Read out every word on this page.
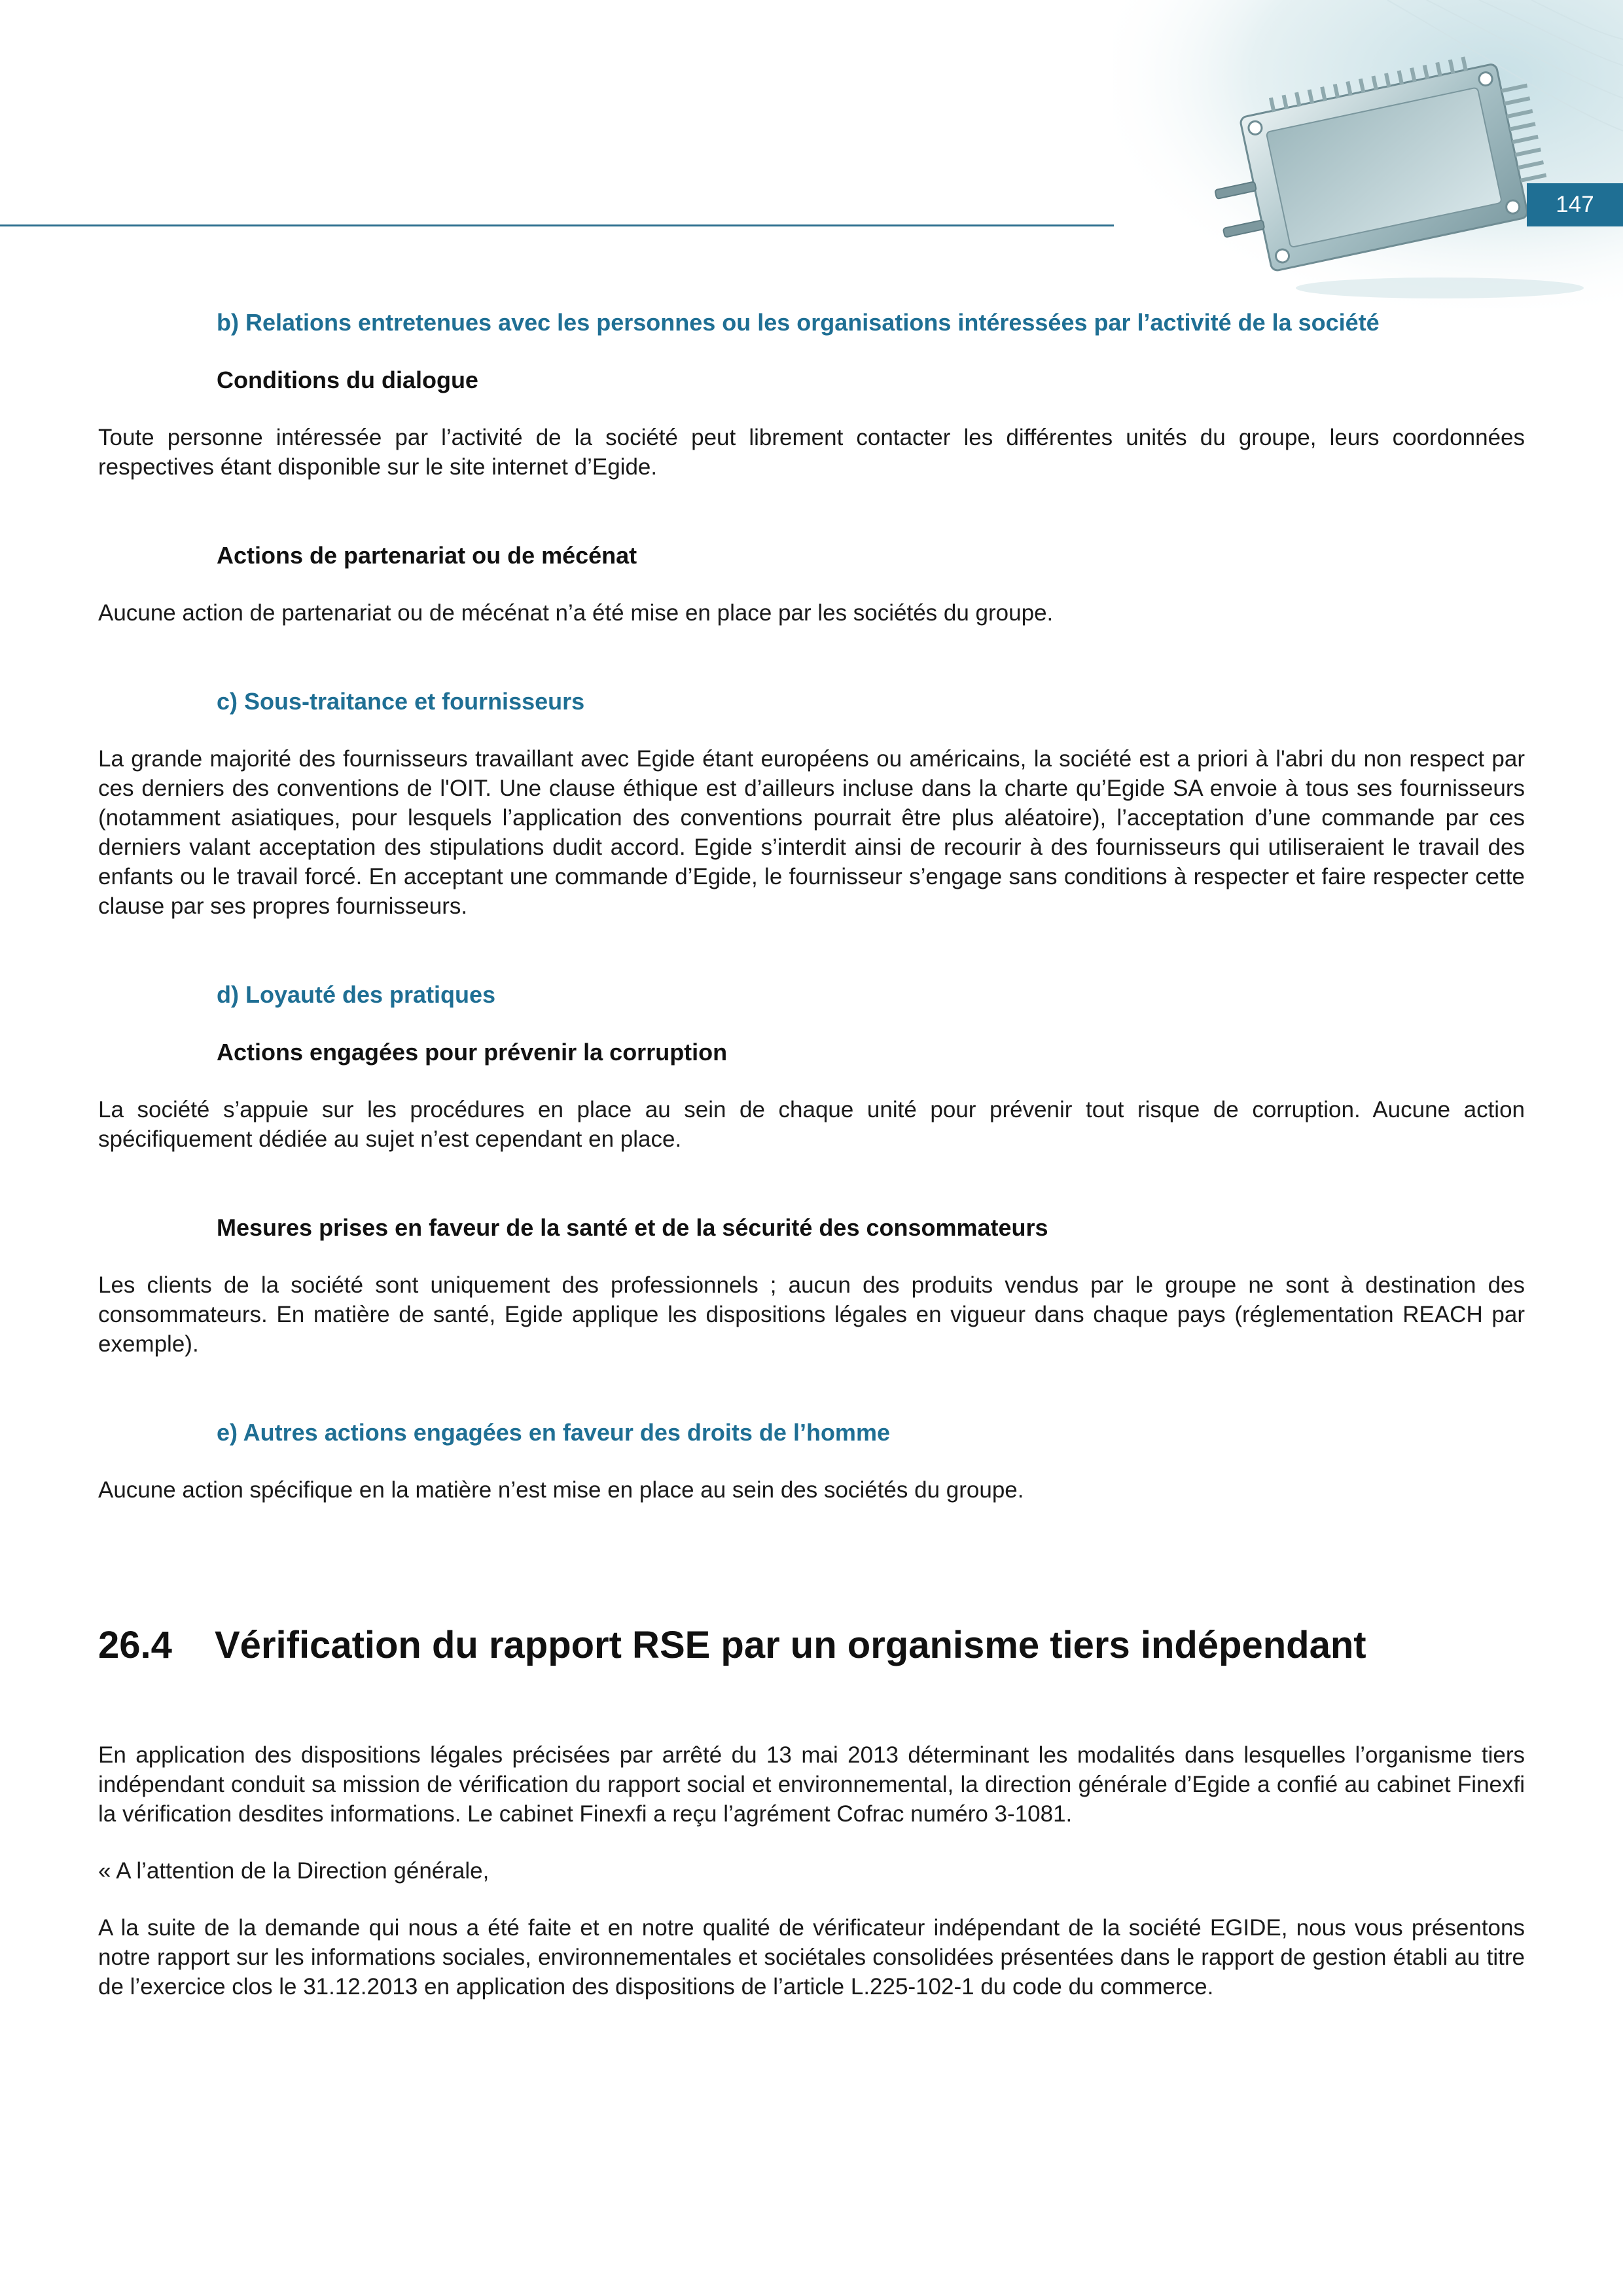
147
b) Relations entretenues avec les personnes ou les organisations intéressées par l’activité de la société
Conditions du dialogue

Toute personne intéressée par l’activité de la société peut librement contacter les différentes unités du groupe, leurs coordonnées respectives étant disponible sur le site internet d’Egide.

Actions de partenariat ou de mécénat

Aucune action de partenariat ou de mécénat n’a été mise en place par les sociétés du groupe.

c) Sous-traitance et fournisseurs

La grande majorité des fournisseurs travaillant avec Egide étant européens ou américains, la société est a priori à l'abri du non respect par ces derniers des conventions de l'OIT. Une clause éthique est d’ailleurs incluse dans la charte qu’Egide SA envoie à tous ses fournisseurs (notamment asiatiques, pour lesquels l’application des conventions pourrait être plus aléatoire), l’acceptation d’une commande par ces derniers valant acceptation des stipulations dudit accord. Egide s’interdit ainsi de recourir à des fournisseurs qui utiliseraient le travail des enfants ou le travail forcé. En acceptant une commande d’Egide, le fournisseur s’engage sans conditions à respecter et faire respecter cette clause par ses propres fournisseurs.

d) Loyauté des pratiques
Actions engagées pour prévenir la corruption

La société s’appuie sur les procédures en place au sein de chaque unité pour prévenir tout risque de corruption. Aucune action spécifiquement dédiée au sujet n’est cependant en place.

Mesures prises en faveur de la santé et de la sécurité des consommateurs

Les clients de la société sont uniquement des professionnels ; aucun des produits vendus par le groupe ne sont à destination des consommateurs. En matière de santé, Egide applique les dispositions légales en vigueur dans chaque pays (réglementation REACH par exemple).

e) Autres actions engagées en faveur des droits de l’homme

Aucune action spécifique en la matière n’est mise en place au sein des sociétés du groupe.

26.4	Vérification du rapport RSE par un organisme tiers indépendant

En application des dispositions légales précisées par arrêté du 13 mai 2013 déterminant les modalités dans lesquelles l’organisme tiers indépendant conduit sa mission de vérification du rapport social et environnemental, la direction générale d’Egide a confié au cabinet Finexfi la vérification desdites informations. Le cabinet Finexfi a reçu l’agrément Cofrac numéro 3-1081.

« A l’attention de la Direction générale,

A la suite de la demande qui nous a été faite et en notre qualité de vérificateur indépendant de la société EGIDE, nous vous présentons notre rapport sur les informations sociales, environnementales et sociétales consolidées présentées dans le rapport de gestion établi au titre de l’exercice clos le 31.12.2013 en application des dispositions de l’article L.225-102-1 du code du commerce.
